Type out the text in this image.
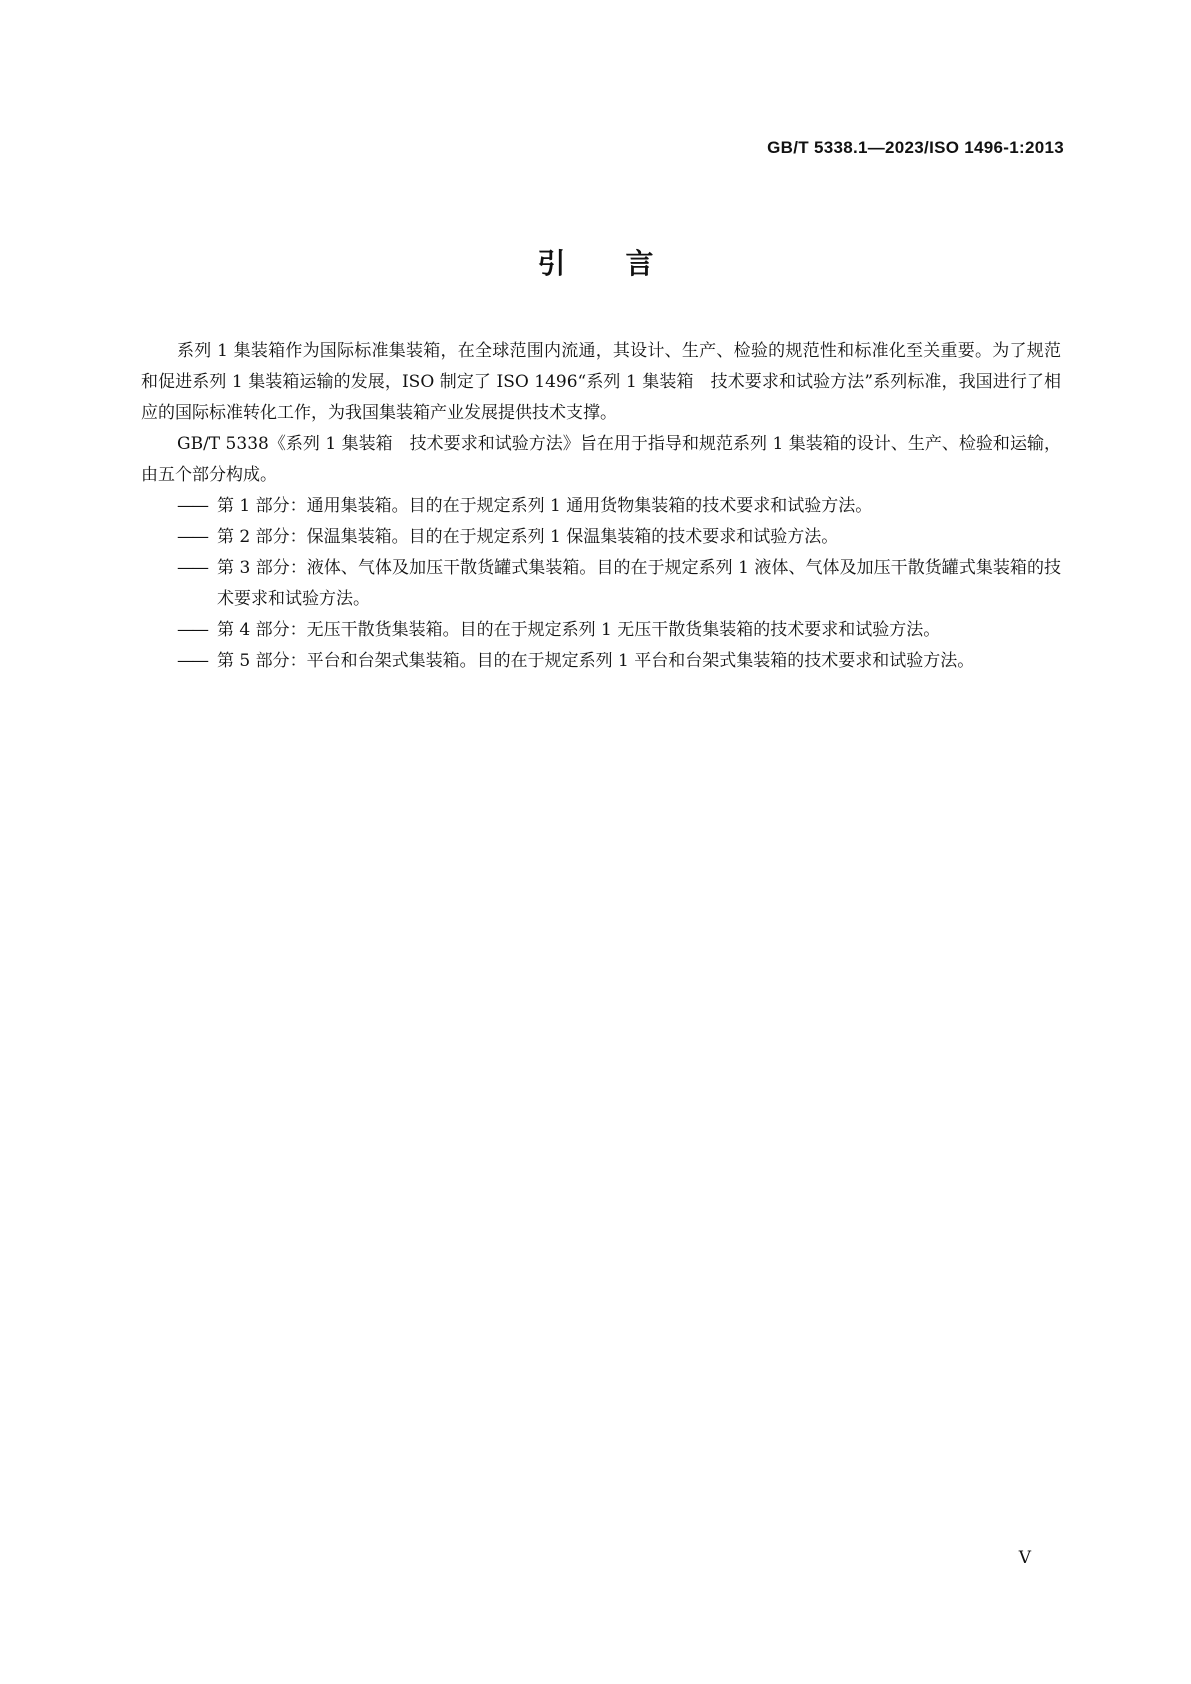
GB/T 5338.1—2023/ISO 1496-1:2013
引言

系列 1 集装箱作为国际标准集装箱，在全球范围内流通，其设计、生产、检验的规范性和标准化至关重要。为了规范和促进系列 1 集装箱运输的发展，ISO 制定了 ISO 1496“系列 1 集装箱　技术要求和试验方法”系列标准，我国进行了相应的国际标准转化工作，为我国集装箱产业发展提供技术支撑。

GB/T 5338《系列 1 集装箱　技术要求和试验方法》旨在用于指导和规范系列 1 集装箱的设计、生产、检验和运输，由五个部分构成。

—— 第 1 部分：通用集装箱。目的在于规定系列 1 通用货物集装箱的技术要求和试验方法。
—— 第 2 部分：保温集装箱。目的在于规定系列 1 保温集装箱的技术要求和试验方法。
—— 第 3 部分：液体、气体及加压干散货罐式集装箱。目的在于规定系列 1 液体、气体及加压干散货罐式集装箱的技术要求和试验方法。
—— 第 4 部分：无压干散货集装箱。目的在于规定系列 1 无压干散货集装箱的技术要求和试验方法。
—— 第 5 部分：平台和台架式集装箱。目的在于规定系列 1 平台和台架式集装箱的技术要求和试验方法。
V
